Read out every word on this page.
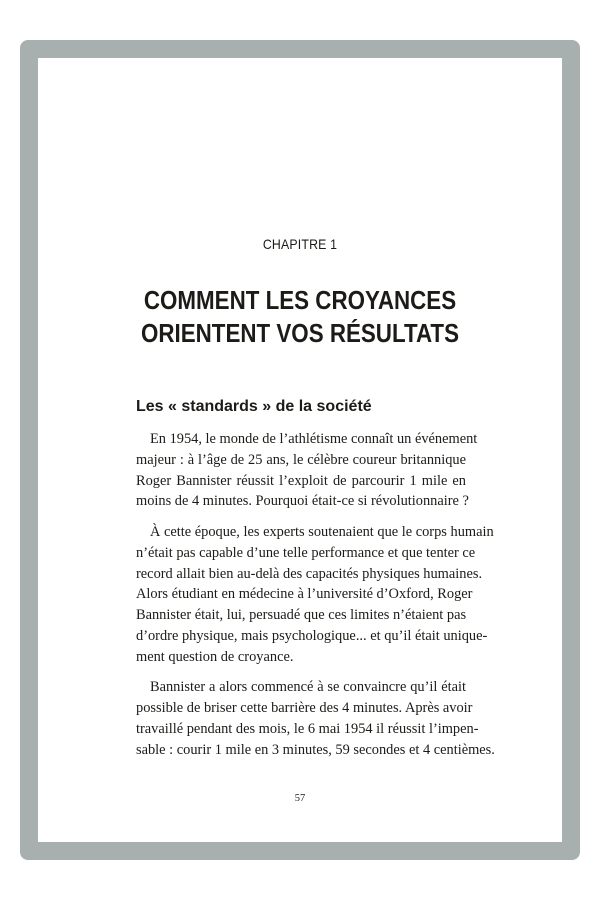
CHAPITRE 1
COMMENT LES CROYANCES
ORIENTENT VOS RÉSULTATS
Les « standards » de la société
En 1954, le monde de l’athlétisme connaît un événement
majeur : à l’âge de 25 ans, le célèbre coureur britannique
Roger Bannister réussit l’exploit de parcourir 1 mile en
moins de 4 minutes. Pourquoi était-ce si révolutionnaire ?
À cette époque, les experts soutenaient que le corps humain
n’était pas capable d’une telle performance et que tenter ce
record allait bien au-delà des capacités physiques humaines.
Alors étudiant en médecine à l’université d’Oxford, Roger
Bannister était, lui, persuadé que ces limites n’étaient pas
d’ordre physique, mais psychologique... et qu’il était unique-
ment question de croyance.
Bannister a alors commencé à se convaincre qu’il était
possible de briser cette barrière des 4 minutes. Après avoir
travaillé pendant des mois, le 6 mai 1954 il réussit l’impen-
sable : courir 1 mile en 3 minutes, 59 secondes et 4 centièmes.
57
